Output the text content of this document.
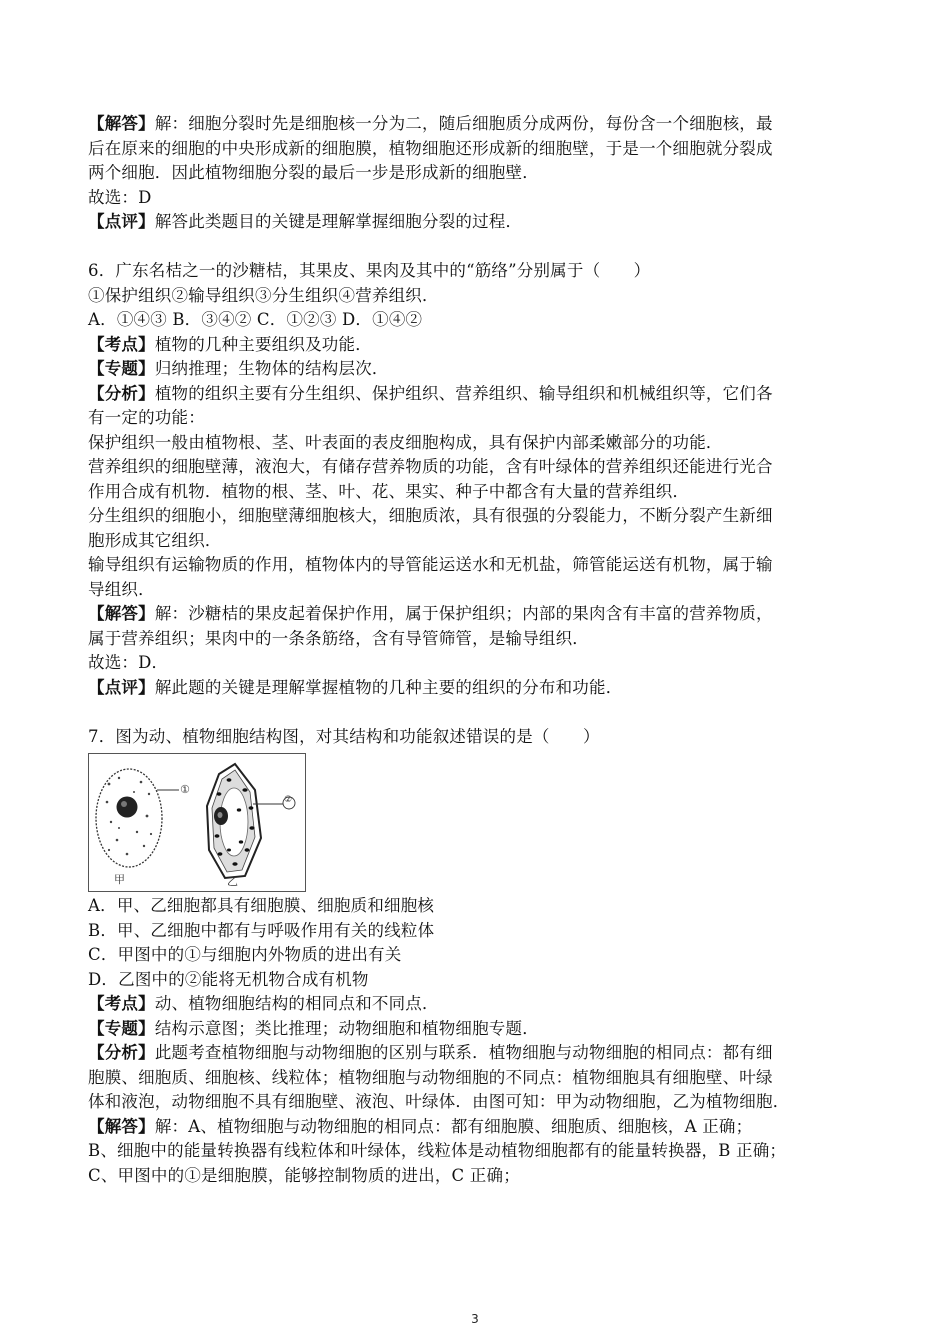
【解答】解：细胞分裂时先是细胞核一分为二，随后细胞质分成两份，每份含一个细胞核，最
后在原来的细胞的中央形成新的细胞膜，植物细胞还形成新的细胞壁，于是一个细胞就分裂成
两个细胞．因此植物细胞分裂的最后一步是形成新的细胞壁．
故选：D
【点评】解答此类题目的关键是理解掌握细胞分裂的过程．
6．广东名桔之一的沙糖桔，其果皮、果肉及其中的“筋络”分别属于（　　）
①保护组织②输导组织③分生组织④营养组织．
A．①④③ B．③④② C．①②③ D．①④②
【考点】植物的几种主要组织及功能．
【专题】归纳推理；生物体的结构层次．
【分析】植物的组织主要有分生组织、保护组织、营养组织、输导组织和机械组织等，它们各
有一定的功能：
保护组织一般由植物根、茎、叶表面的表皮细胞构成，具有保护内部柔嫩部分的功能．
营养组织的细胞壁薄，液泡大，有储存营养物质的功能，含有叶绿体的营养组织还能进行光合
作用合成有机物．植物的根、茎、叶、花、果实、种子中都含有大量的营养组织．
分生组织的细胞小，细胞壁薄细胞核大，细胞质浓，具有很强的分裂能力，不断分裂产生新细
胞形成其它组织．
输导组织有运输物质的作用，植物体内的导管能运送水和无机盐，筛管能运送有机物，属于输
导组织．
【解答】解：沙糖桔的果皮起着保护作用，属于保护组织；内部的果肉含有丰富的营养物质，
属于营养组织；果肉中的一条条筋络，含有导管筛管，是输导组织．
故选：D．
【点评】解此题的关键是理解掌握植物的几种主要的组织的分布和功能．
7．图为动、植物细胞结构图，对其结构和功能叙述错误的是（　　）
①
②
甲	乙
A．甲、乙细胞都具有细胞膜、细胞质和细胞核
B．甲、乙细胞中都有与呼吸作用有关的线粒体
C．甲图中的①与细胞内外物质的进出有关
D．乙图中的②能将无机物合成有机物
【考点】动、植物细胞结构的相同点和不同点．
【专题】结构示意图；类比推理；动物细胞和植物细胞专题．
【分析】此题考查植物细胞与动物细胞的区别与联系．植物细胞与动物细胞的相同点：都有细
胞膜、细胞质、细胞核、线粒体；植物细胞与动物细胞的不同点：植物细胞具有细胞壁、叶绿
体和液泡，动物细胞不具有细胞壁、液泡、叶绿体．由图可知：甲为动物细胞，乙为植物细胞．
【解答】解：A、植物细胞与动物细胞的相同点：都有细胞膜、细胞质、细胞核，A 正确；
B、细胞中的能量转换器有线粒体和叶绿体，线粒体是动植物细胞都有的能量转换器，B 正确；
C、甲图中的①是细胞膜，能够控制物质的进出，C 正确；
3
